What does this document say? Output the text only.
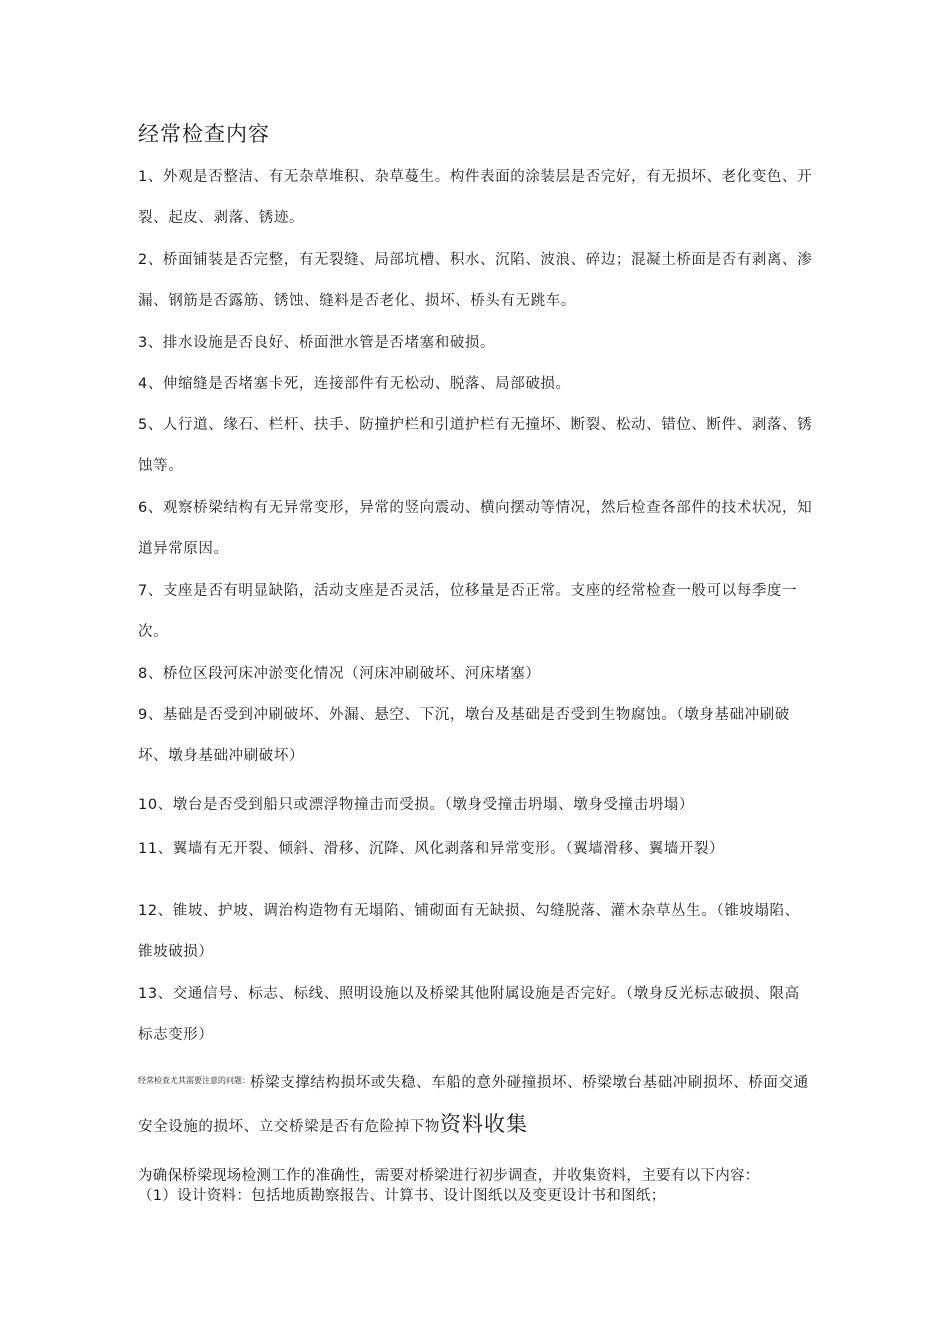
经常检查内容

1、外观是否整洁、有无杂草堆积、杂草蔓生。构件表面的涂装层是否完好，有无损坏、老化变色、开裂、起皮、剥落、锈迹。

2、桥面铺装是否完整，有无裂缝、局部坑槽、积水、沉陷、波浪、碎边；混凝土桥面是否有剥离、渗漏、钢筋是否露筋、锈蚀、缝料是否老化、损坏、桥头有无跳车。

3、排水设施是否良好、桥面泄水管是否堵塞和破损。

4、伸缩缝是否堵塞卡死，连接部件有无松动、脱落、局部破损。

5、人行道、缘石、栏杆、扶手、防撞护栏和引道护栏有无撞坏、断裂、松动、错位、断件、剥落、锈蚀等。

6、观察桥梁结构有无异常变形，异常的竖向震动、横向摆动等情况，然后检查各部件的技术状况，知道异常原因。

7、支座是否有明显缺陷，活动支座是否灵活，位移量是否正常。支座的经常检查一般可以每季度一次。

8、桥位区段河床冲淤变化情况（河床冲刷破坏、河床堵塞）

9、基础是否受到冲刷破坏、外漏、悬空、下沉，墩台及基础是否受到生物腐蚀。（墩身基础冲刷破坏、墩身基础冲刷破坏）

10、墩台是否受到船只或漂浮物撞击而受损。（墩身受撞击坍塌、墩身受撞击坍塌）

11、翼墙有无开裂、倾斜、滑移、沉降、风化剥落和异常变形。（翼墙滑移、翼墙开裂）

12、锥坡、护坡、调治构造物有无塌陷、铺砌面有无缺损、勾缝脱落、灌木杂草丛生。（锥坡塌陷、锥坡破损）

13、交通信号、标志、标线、照明设施以及桥梁其他附属设施是否完好。（墩身反光标志破损、限高标志变形）

$^{经常检查尤其需要注意的问题:}$桥梁支撑结构损坏或失稳、车船的意外碰撞损坏、桥梁墩台基础冲刷损坏、桥面交通安全设施的损坏、立交桥梁是否有危险掉下物资料收集

为确保桥梁现场检测工作的准确性，需要对桥梁进行初步调查，并收集资料，主要有以下内容：
（1）设计资料：包括地质勘察报告、计算书、设计图纸以及变更设计书和图纸；
